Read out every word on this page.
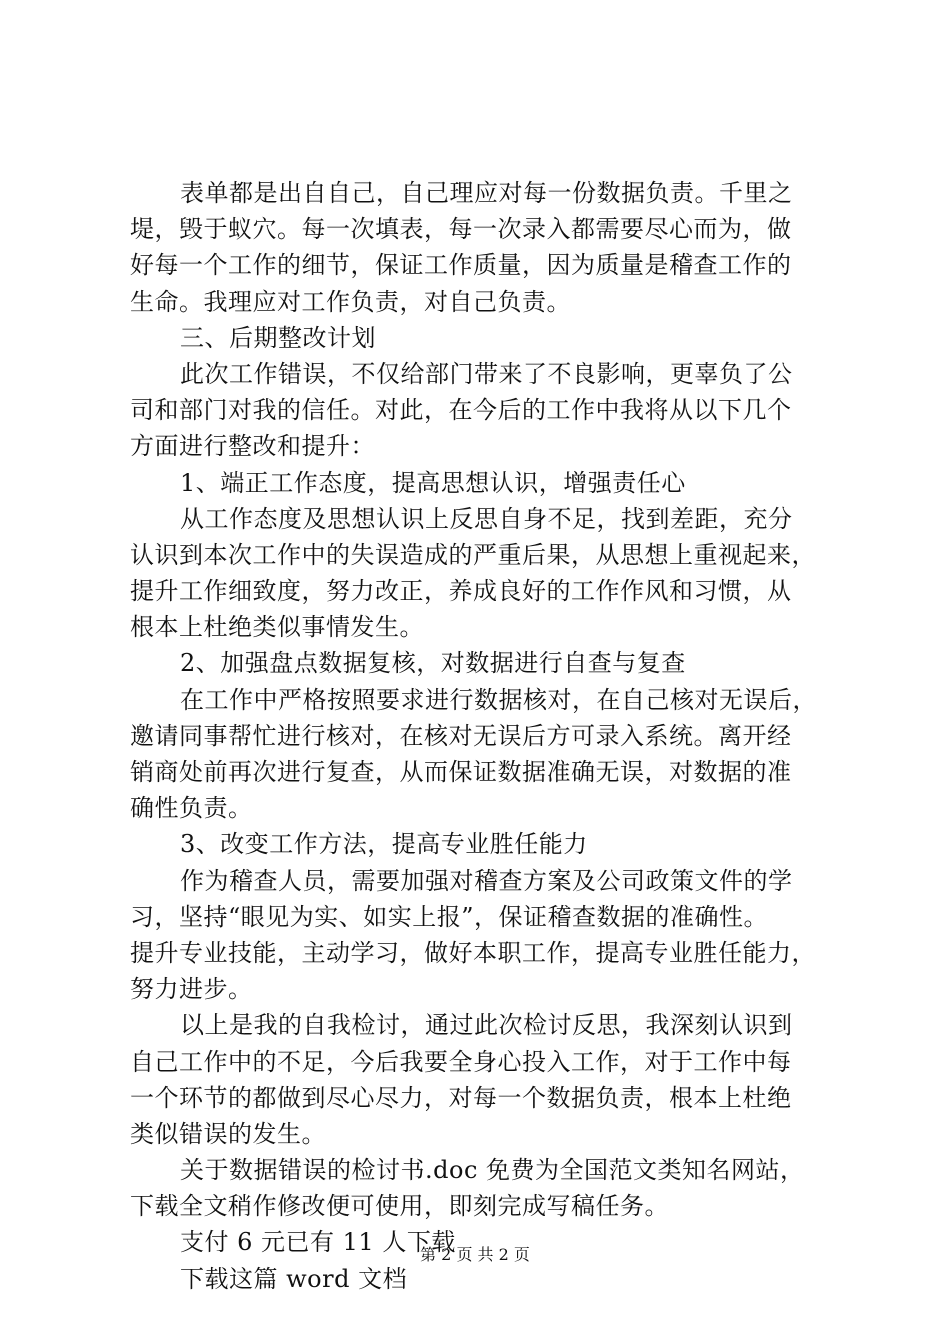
表单都是出自自己，自己理应对每一份数据负责。千里之
堤，毁于蚁穴。每一次填表，每一次录入都需要尽心而为，做
好每一个工作的细节，保证工作质量，因为质量是稽查工作的
生命。我理应对工作负责，对自己负责。
三、后期整改计划
此次工作错误，不仅给部门带来了不良影响，更辜负了公
司和部门对我的信任。对此，在今后的工作中我将从以下几个
方面进行整改和提升：
1、端正工作态度，提高思想认识，增强责任心
从工作态度及思想认识上反思自身不足，找到差距，充分
认识到本次工作中的失误造成的严重后果，从思想上重视起来，
提升工作细致度，努力改正，养成良好的工作作风和习惯，从
根本上杜绝类似事情发生。
2、加强盘点数据复核，对数据进行自查与复查
在工作中严格按照要求进行数据核对，在自己核对无误后，
邀请同事帮忙进行核对，在核对无误后方可录入系统。离开经
销商处前再次进行复查，从而保证数据准确无误，对数据的准
确性负责。
3、改变工作方法，提高专业胜任能力
作为稽查人员，需要加强对稽查方案及公司政策文件的学
习，坚持“眼见为实、如实上报”，保证稽查数据的准确性。
提升专业技能，主动学习，做好本职工作，提高专业胜任能力，
努力进步。
以上是我的自我检讨，通过此次检讨反思，我深刻认识到
自己工作中的不足，今后我要全身心投入工作，对于工作中每
一个环节的都做到尽心尽力，对每一个数据负责，根本上杜绝
类似错误的发生。
关于数据错误的检讨书.doc 免费为全国范文类知名网站，
下载全文稍作修改便可使用，即刻完成写稿任务。
支付 6 元已有 11 人下载
下载这篇 word 文档
第 2 页 共 2 页
